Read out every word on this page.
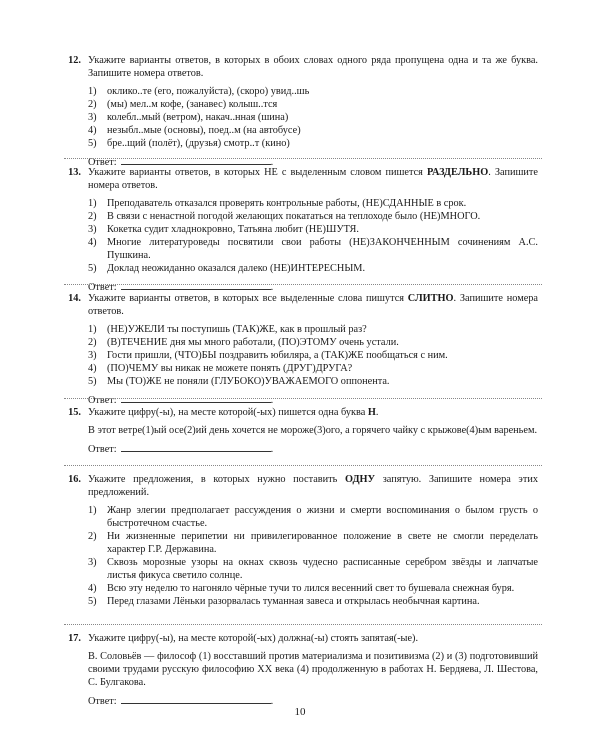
12. Укажите варианты ответов, в которых в обоих словах одного ряда пропущена одна и та же буква. Запишите номера ответов.
1) оклико..те (его, пожалуйста), (скоро) увид..шь
2) (мы) мел..м кофе, (занавес) колыш..тся
3) колебл..мый (ветром), накач..нная (шина)
4) незыбл..мые (основы), поед..м (на автобусе)
5) бре..щий (полёт), (друзья) смотр..т (кино)
Ответ:	.
13. Укажите варианты ответов, в которых НЕ с выделенным словом пишется РАЗДЕЛЬНО. Запишите номера ответов.
1) Преподаватель отказался проверять контрольные работы, (НЕ)СДАННЫЕ в срок.
2) В связи с ненастной погодой желающих покататься на теплоходе было (НЕ)МНОГО.
3) Кокетка судит хладнокровно, Татьяна любит (НЕ)ШУТЯ.
4) Многие литературоведы посвятили свои работы (НЕ)ЗАКОНЧЕННЫМ сочинениям А.С. Пушкина.
5) Доклад неожиданно оказался далеко (НЕ)ИНТЕРЕСНЫМ.
Ответ:	.
14. Укажите варианты ответов, в которых все выделенные слова пишутся СЛИТНО. Запишите номера ответов.
1) (НЕ)УЖЕЛИ ты поступишь (ТАК)ЖЕ, как в прошлый раз?
2) (В)ТЕЧЕНИЕ дня мы много работали, (ПО)ЭТОМУ очень устали.
3) Гости пришли, (ЧТО)БЫ поздравить юбиляра, а (ТАК)ЖЕ пообщаться с ним.
4) (ПО)ЧЕМУ вы никак не можете понять (ДРУГ)ДРУГА?
5) Мы (ТО)ЖЕ не поняли (ГЛУБОКО)УВАЖАЕМОГО оппонента.
Ответ:	.
15. Укажите цифру(-ы), на месте которой(-ых) пишется одна буква Н.
В этот ветре(1)ый осе(2)ий день хочется не мороже(3)ого, а горячего чайку с крыжове(4)ым вареньем.
Ответ:	.
16. Укажите предложения, в которых нужно поставить ОДНУ запятую. Запишите номера этих предложений.
1) Жанр элегии предполагает рассуждения о жизни и смерти воспоминания о былом грусть о быстротечном счастье.
2) Ни жизненные перипетии ни привилегированное положение в свете не смогли переделать характер Г.Р. Державина.
3) Сквозь морозные узоры на окнах сквозь чудесно расписанные серебром звёзды и лапчатые листья фикуса светило солнце.
4) Всю эту неделю то нагоняло чёрные тучи то лился весенний свет то бушевала снежная буря.
5) Перед глазами Лёньки разорвалась туманная завеса и открылась необычная картина.
17. Укажите цифру(-ы), на месте которой(-ых) должна(-ы) стоять запятая(-ые).
В. Соловьёв — философ (1) восставший против материализма и позитивизма (2) и (3) подготовивший своими трудами русскую философию XX века (4) продолженную в работах Н. Бердяева, Л. Шестова, С. Булгакова.
Ответ:	.
10
